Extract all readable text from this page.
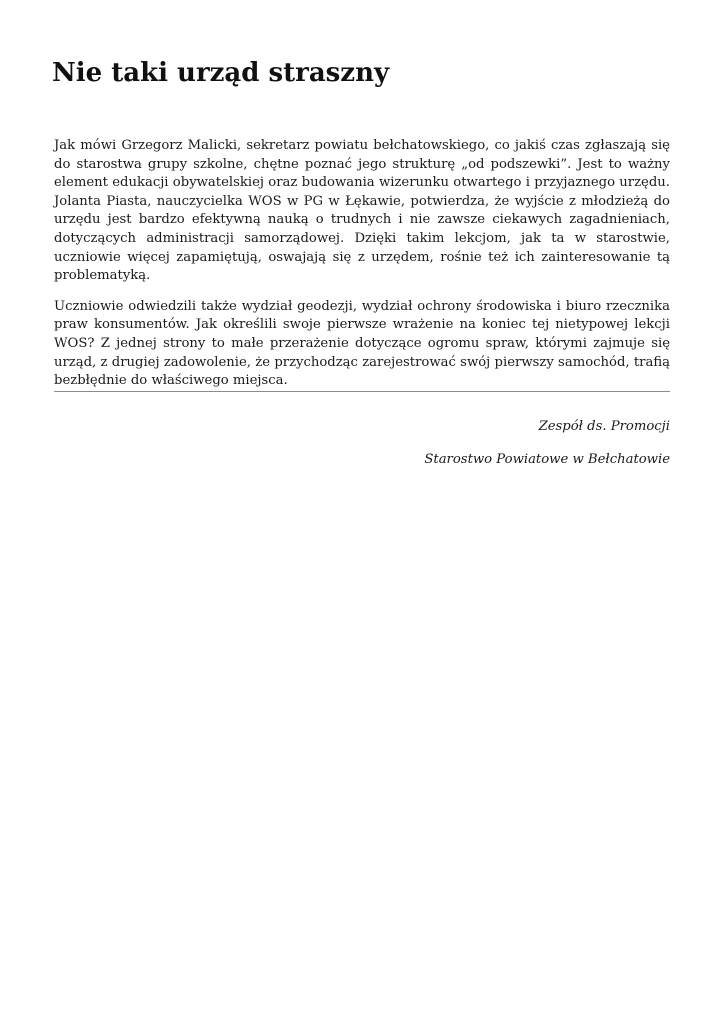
Nie taki urząd straszny

Jak mówi Grzegorz Malicki, sekretarz powiatu bełchatowskiego, co jakiś czas zgłaszają się do starostwa grupy szkolne, chętne poznać jego strukturę „od podszewki”. Jest to ważny element edukacji obywatelskiej oraz budowania wizerunku otwartego i przyjaznego urzędu. Jolanta Piasta, nauczycielka WOS w PG w Łękawie, potwierdza, że wyjście z młodzieżą do urzędu jest bardzo efektywną nauką o trudnych i nie zawsze ciekawych zagadnieniach, dotyczących administracji samorządowej. Dzięki takim lekcjom, jak ta w starostwie, uczniowie więcej zapamiętują, oswajają się z urzędem, rośnie też ich zainteresowanie tą problematyką.

Uczniowie odwiedzili także wydział geodezji, wydział ochrony środowiska i biuro rzecznika praw konsumentów. Jak określili swoje pierwsze wrażenie na koniec tej nietypowej lekcji WOS? Z jednej strony to małe przerażenie dotyczące ogromu spraw, którymi zajmuje się urząd, z drugiej zadowolenie, że przychodząc zarejestrować swój pierwszy samochód, trafią bezbłędnie do właściwego miejsca.

Zespół ds. Promocji
Starostwo Powiatowe w Bełchatowie
